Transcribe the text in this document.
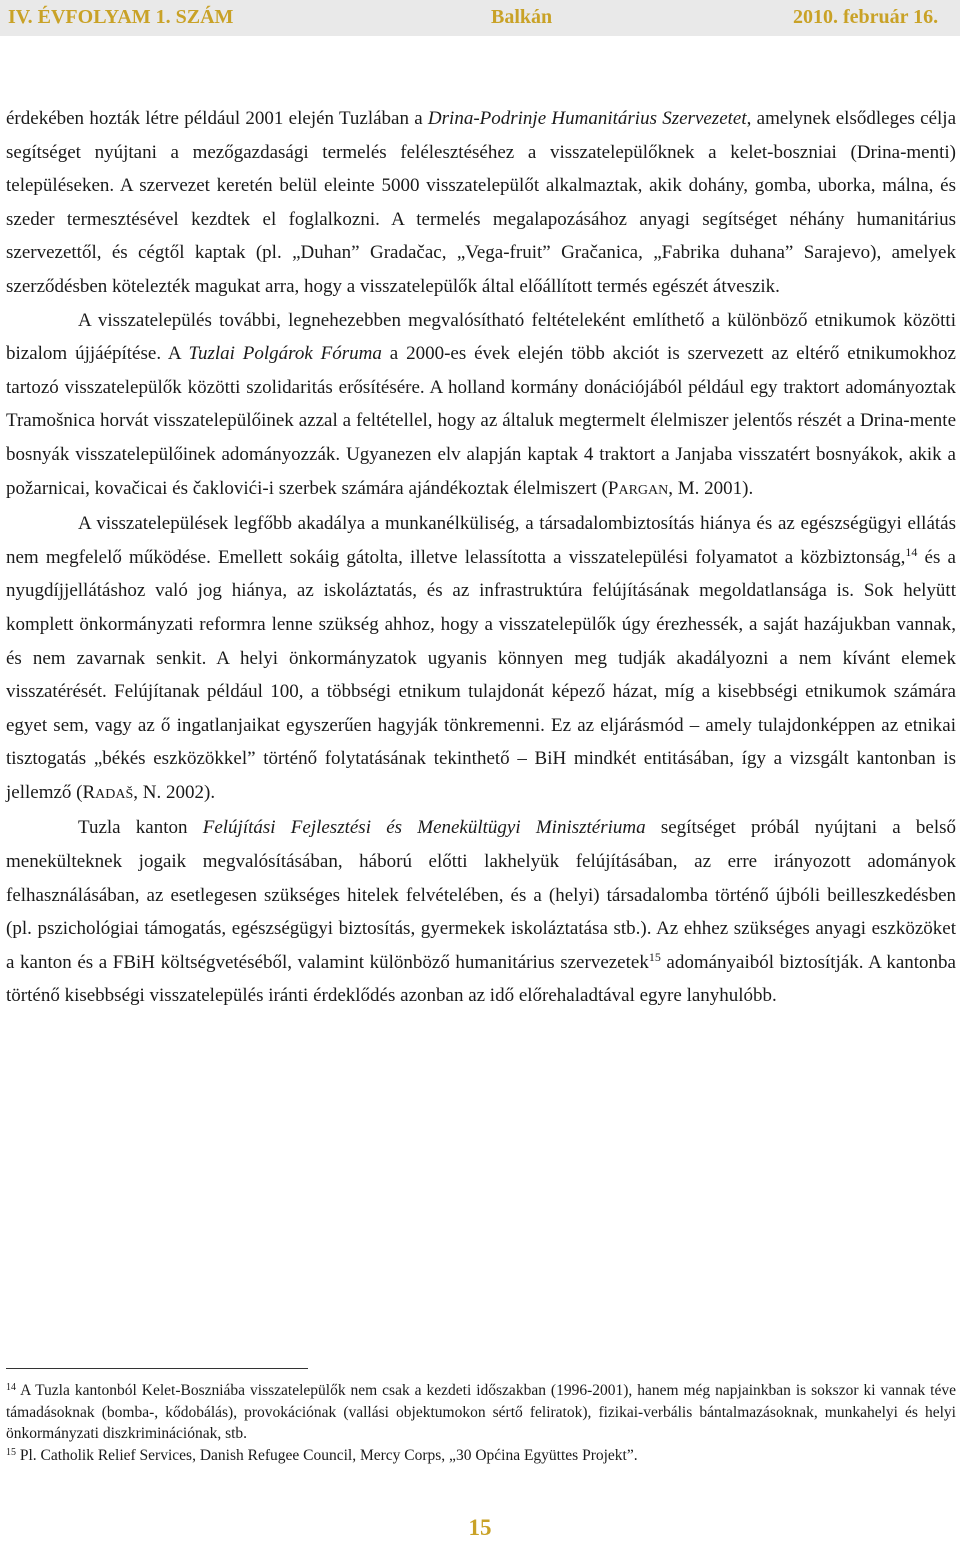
IV. ÉVFOLYAM 1. SZÁM	Balkán	2010. február 16.

érdekében hozták létre például 2001 elején Tuzlában a Drina-Podrinje Humanitárius Szervezetet, amelynek elsődleges célja segítséget nyújtani a mezőgazdasági termelés felélesztéséhez a visszatelepülőknek a kelet-boszniai (Drina-menti) településeken. A szervezet keretén belül eleinte 5000 visszatelepülőt alkalmaztak, akik dohány, gomba, uborka, málna, és szeder termesztésével kezdtek el foglalkozni. A termelés megalapozásához anyagi segítséget néhány humanitárius szervezettől, és cégtől kaptak (pl. „Duhan” Gradačac, „Vega-fruit” Gračanica, „Fabrika duhana” Sarajevo), amelyek szerződésben kötelezték magukat arra, hogy a visszatelepülők által előállított termés egészét átveszik.

A visszatelepülés további, legnehezebben megvalósítható feltételeként említhető a különböző etnikumok közötti bizalom újjáépítése. A Tuzlai Polgárok Fóruma a 2000-es évek elején több akciót is szervezett az eltérő etnikumokhoz tartozó visszatelepülők közötti szolidaritás erősítésére. A holland kormány donációjából például egy traktort adományoztak Tramošnica horvát visszatelepülőinek azzal a feltétellel, hogy az általuk megtermelt élelmiszer jelentős részét a Drina-mente bosnyák visszatelepülőinek adományozzák. Ugyanezen elv alapján kaptak 4 traktort a Janjaba visszatért bosnyákok, akik a požarnicai, kovačicai és čaklovići-i szerbek számára ajándékoztak élelmiszert (PARGAN, M. 2001).

A visszatelepülések legfőbb akadálya a munkanélküliség, a társadalombiztosítás hiánya és az egészségügyi ellátás nem megfelelő működése. Emellett sokáig gátolta, illetve lelassította a visszatelepülési folyamatot a közbiztonság,$^{14}$ és a nyugdíjjellátáshoz való jog hiánya, az iskoláztatás, és az infrastruktúra felújításának megoldatlansága is. Sok helyütt komplett önkormányzati reformra lenne szükség ahhoz, hogy a visszatelepülők úgy érezhessék, a saját hazájukban vannak, és nem zavarnak senkit. A helyi önkormányzatok ugyanis könnyen meg tudják akadályozni a nem kívánt elemek visszatérését. Felújítanak például 100, a többségi etnikum tulajdonát képező házat, míg a kisebbségi etnikumok számára egyet sem, vagy az ő ingatlanjaikat egyszerűen hagyják tönkremenni. Ez az eljárásmód – amely tulajdonképpen az etnikai tisztogatás „békés eszközökkel” történő folytatásának tekinthető – BiH mindkét entitásában, így a vizsgált kantonban is jellemző (RADAŠ, N. 2002).

Tuzla kanton Felújítási Fejlesztési és Menekültügyi Minisztériuma segítséget próbál nyújtani a belső menekülteknek jogaik megvalósításában, háború előtti lakhelyük felújításában, az erre irányozott adományok felhasználásában, az esetlegesen szükséges hitelek felvételében, és a (helyi) társadalomba történő újbóli beilleszkedésben (pl. pszichológiai támogatás, egészségügyi biztosítás, gyermekek iskoláztatása stb.). Az ehhez szükséges anyagi eszközöket a kanton és a FBiH költségvetéséből, valamint különböző humanitárius szervezetek$^{15}$ adományaiból biztosítják. A kantonba történő kisebbségi visszatelepülés iránti érdeklődés azonban az idő előrehaladtával egyre lanyhulóbb.

$^{14}$ A Tuzla kantonból Kelet-Boszniába visszatelepülők nem csak a kezdeti időszakban (1996-2001), hanem még napjainkban is sokszor ki vannak téve támadásoknak (bomba-, kődobálás), provokációnak (vallási objektumokon sértő feliratok), fizikai-verbális bántalmazásoknak, munkahelyi és helyi önkormányzati diszkriminációnak, stb.

$^{15}$ Pl. Catholik Relief Services, Danish Refugee Council, Mercy Corps, „30 Općina Együttes Projekt”.

15
